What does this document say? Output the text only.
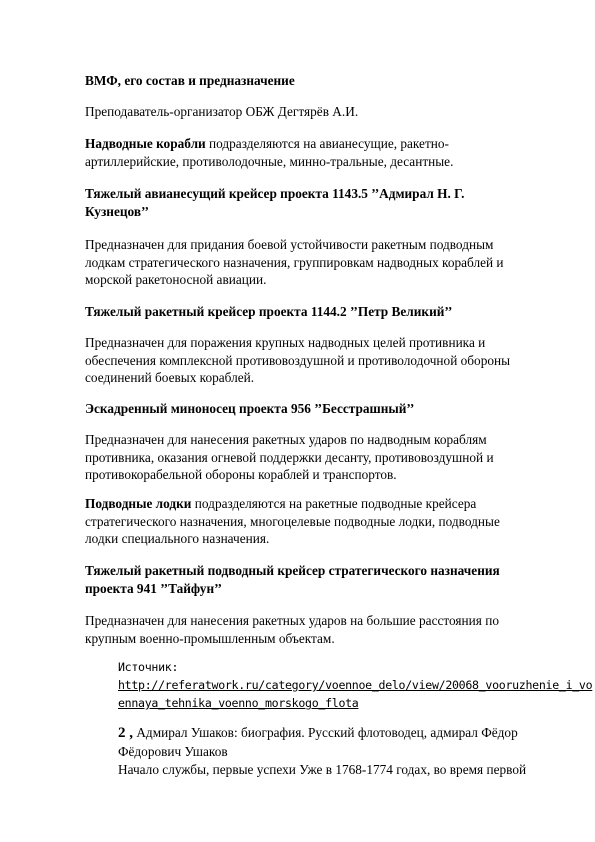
ВМФ, его состав и предназначение
Преподаватель-организатор ОБЖ Дегтярёв А.И.
Надводные корабли подразделяются на авианесущие, ракетно-
артиллерийские, противолодочные, минно-тральные, десантные.
Тяжелый авианесущий крейсер проекта 1143.5 ’’Адмирал Н. Г.
Кузнецов’’
Предназначен для придания боевой устойчивости ракетным подводным
лодкам стратегического назначения, группировкам надводных кораблей и
морской ракетоносной авиации.
Тяжелый ракетный крейсер проекта 1144.2 ’’Петр Великий’’
Предназначен для поражения крупных надводных целей противника и
обеспечения комплексной противовоздушной и противолодочной обороны
соединений боевых кораблей.
Эскадренный миноносец проекта 956 ’’Бесстрашный’’
Предназначен для нанесения ракетных ударов по надводным кораблям
противника, оказания огневой поддержки десанту, противовоздушной и
противокорабельной обороны кораблей и транспортов.
Подводные лодки подразделяются на ракетные подводные крейсера
стратегического назначения, многоцелевые подводные лодки, подводные
лодки специального назначения.
Тяжелый ракетный подводный крейсер стратегического назначения
проекта 941 ’’Тайфун’’
Предназначен для нанесения ракетных ударов на большие расстояния по
крупным военно-промышленным объектам.
Источник:
http://referatwork.ru/category/voennoe_delo/view/20068_vooruzhenie_i_vo
ennaya_tehnika_voenno_morskogo_flota
2 , Адмирал Ушаков: биография. Русский флотоводец, адмирал Фёдор
Фёдорович Ушаков
Начало службы, первые успехи Уже в 1768-1774 годах, во время первой
